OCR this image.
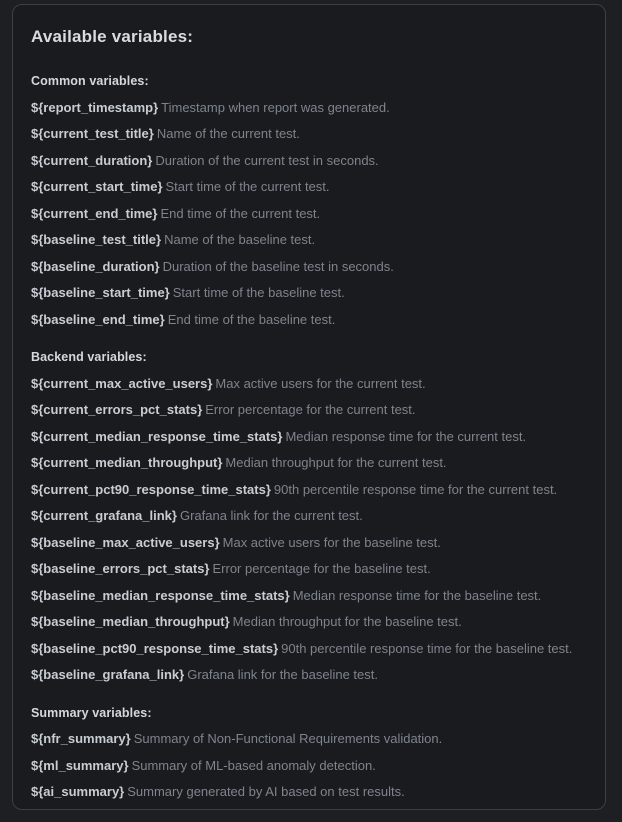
Available variables:
Common variables:
${report_timestamp} Timestamp when report was generated.
${current_test_title} Name of the current test.
${current_duration} Duration of the current test in seconds.
${current_start_time} Start time of the current test.
${current_end_time} End time of the current test.
${baseline_test_title} Name of the baseline test.
${baseline_duration} Duration of the baseline test in seconds.
${baseline_start_time} Start time of the baseline test.
${baseline_end_time} End time of the baseline test.
Backend variables:
${current_max_active_users} Max active users for the current test.
${current_errors_pct_stats} Error percentage for the current test.
${current_median_response_time_stats} Median response time for the current test.
${current_median_throughput} Median throughput for the current test.
${current_pct90_response_time_stats} 90th percentile response time for the current test.
${current_grafana_link} Grafana link for the current test.
${baseline_max_active_users} Max active users for the baseline test.
${baseline_errors_pct_stats} Error percentage for the baseline test.
${baseline_median_response_time_stats} Median response time for the baseline test.
${baseline_median_throughput} Median throughput for the baseline test.
${baseline_pct90_response_time_stats} 90th percentile response time for the baseline test.
${baseline_grafana_link} Grafana link for the baseline test.
Summary variables:
${nfr_summary} Summary of Non-Functional Requirements validation.
${ml_summary} Summary of ML-based anomaly detection.
${ai_summary} Summary generated by AI based on test results.
